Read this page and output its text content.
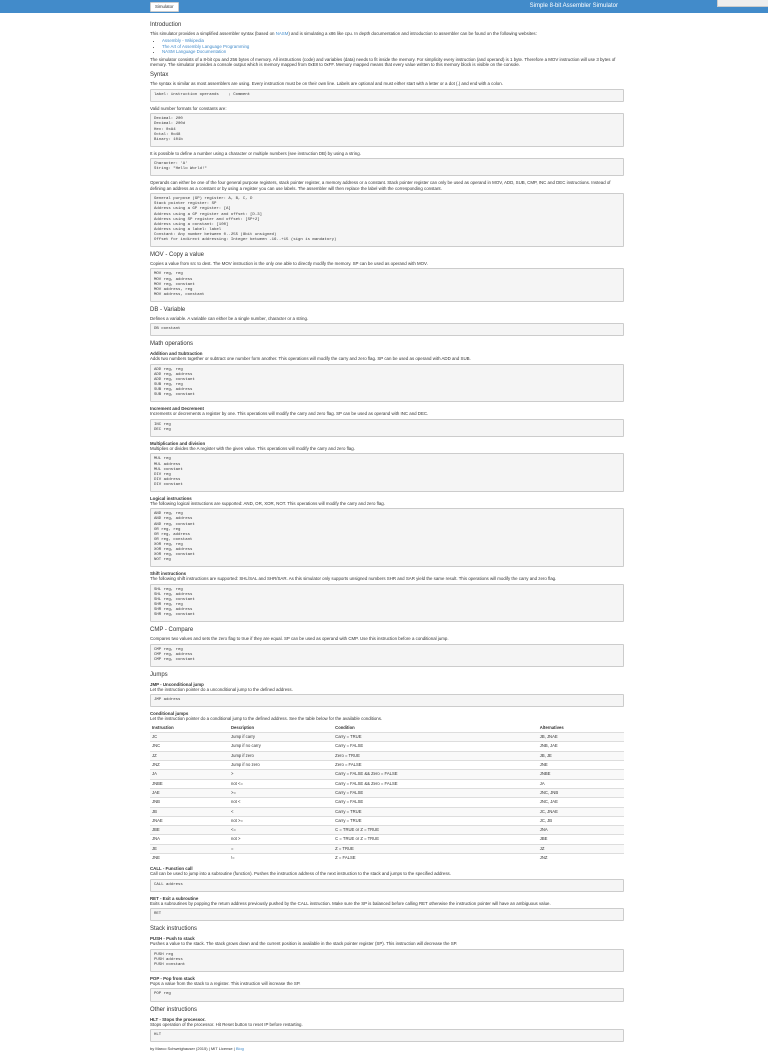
Simulator	Simple 8-bit Assembler Simulator
Introduction

This simulator provides a simplified assembler syntax (based on NASM) and is simulating a x86 like cpu. In depth documentation and introduction to assembler can be found on the following websites:

• Assembly - Wikipedia
• The Art of Assembly Language Programming
• NASM Language Documentation

The simulator consists of a 8-bit cpu and 256 bytes of memory. All instructions (code) and variables (data) needs to fit inside the memory. For simplicity every instruction (and operand) is 1 byte. Therefore a MOV instruction will use 3 bytes of memory. The simulator provides a console output which is memory mapped from 0xE8 to 0xFF. Memory mapped means that every value written to this memory block is visible on the console.

Syntax

The syntax is similar as most assemblers are using. Every instruction must be on their own line. Labels are optional and must either start with a letter or a dot (.) and end with a colon.

label: instruction operands    ; Comment

Valid number formats for constants are:

Decimal: 200
Decimal: 200d
Hex: 0xA4
Octal: 0o48
Binary: 101b

It is possible to define a number using a character or multiple numbers (see instruction DB) by using a string.

Character: 'A'
String: "Hello World!"

Operands can either be one of the four general purpose registers, stack pointer register, a memory address or a constant. Stack pointer register can only be used as operand in MOV, ADD, SUB, CMP, INC and DEC instructions. Instead of defining an address as a constant or by using a register you can use labels. The assembler will then replace the label with the corresponding constant.

General purpose (GP) register: A, B, C, D
Stack pointer register: SP
Address using a GP register: [A]
Address using a GP register and offset: [D-3]
Address using SP register and offset: [SP+2]
Address using a constant: [100]
Address using a label: label
Constant: Any number between 0..255 (8bit unsigned)
Offset for indirect addressing: Integer between -16..+15 (sign is mandatory)
MOV - Copy a value

Copies a value from src to dest. The MOV instruction is the only one able to directly modify the memory. SP can be used as operand with MOV.

MOV reg, reg
MOV reg, address
MOV reg, constant
MOV address, reg
MOV address, constant
DB - Variable

Defines a variable. A variable can either be a single number, character or a string.

DB constant
Math operations
Addition and Subtraction

Adds two numbers together or subtract one number form another. This operations will modify the carry and zero flag. SP can be used as operand with ADD and SUB.

ADD reg, reg
ADD reg, address
ADD reg, constant
SUB reg, reg
SUB reg, address
SUB reg, constant
Increment and Decrement

Increments or decrements a register by one. This operations will modify the carry and zero flag. SP can be used as operand with INC and DEC.

INC reg
DEC reg
Multiplication and division

Multiplies or divides the A register with the given value. This operations will modify the carry and zero flag.

MUL reg
MUL address
MUL constant
DIV reg
DIV address
DIV constant
Logical instructions

The following logical instructions are supported: AND, OR, XOR, NOT. This operations will modify the carry and zero flag.

AND reg, reg
AND reg, address
AND reg, constant
OR reg, reg
OR reg, address
OR reg, constant
XOR reg, reg
XOR reg, address
XOR reg, constant
NOT reg
Shift instructions

The following shift instructions are supported: SHL/SAL and SHR/SAR. As this simulator only supports unsigned numbers SHR and SAR yield the same result. This operations will modify the carry and zero flag.

SHL reg, reg
SHL reg, address
SHL reg, constant
SHR reg, reg
SHR reg, address
SHR reg, constant
CMP - Compare

Compares two values and sets the zero flag to true if they are equal. SP can be used as operand with CMP. Use this instruction before a conditional jump.

CMP reg, reg
CMP reg, address
CMP reg, constant
Jumps
JMP - Unconditional jump

Let the instruction pointer do a unconditional jump to the defined address.

JMP address
Conditional jumps

Let the instruction pointer do a conditional jump to the defined address. See the table below for the available conditions.

Instruction	Description	Condition	Alternatives
JC	Jump if carry	Carry = TRUE	JB, JNAE
JNC	Jump if no carry	Carry = FALSE	JNB, JAE
JZ	Jump if zero	Zero = TRUE	JB, JE
JNZ	Jump if no zero	Zero = FALSE	JNE
JA	>	Carry = FALSE && Zero = FALSE	JNBE
JNBE	not <=	Carry = FALSE && Zero = FALSE	JA
JAE	>=	Carry = FALSE	JNC, JNB
JNB	not <	Carry = FALSE	JNC, JAE
JB	<	Carry = TRUE	JC, JNAE
JNAE	not >=	Carry = TRUE	JC, JB
JBE	<=	C = TRUE or Z = TRUE	JNA
JNA	not >	C = TRUE or Z = TRUE	JBE
JE	=	Z = TRUE	JZ
JNE	!=	Z = FALSE	JNZ
CALL - Function call

Call can be used to jump into a subroutine (function). Pushes the instruction address of the next instruction to the stack and jumps to the specified address.

CALL address
RET - Exit a subroutine

Exits a subroutines by popping the return address previously pushed by the CALL instruction. Make sure the SP is balanced before calling RET otherwise the instruction pointer will have an ambiguous value.

RET
Stack instructions
PUSH - Push to stack

Pushes a value to the stack. The stack grows down and the current position is available in the stack pointer register (SP). This instruction will decrease the SP.

PUSH reg
PUSH address
PUSH constant
POP - Pop from stack

Pops a value from the stack to a register. This instruction will increase the SP.

POP reg
Other instructions
HLT - Stops the processor.

Stops operation of the processor. Hit Reset button to reset IP before restarting.

HLT
by Marco Schweighauser (2015) | MIT License | Blog
